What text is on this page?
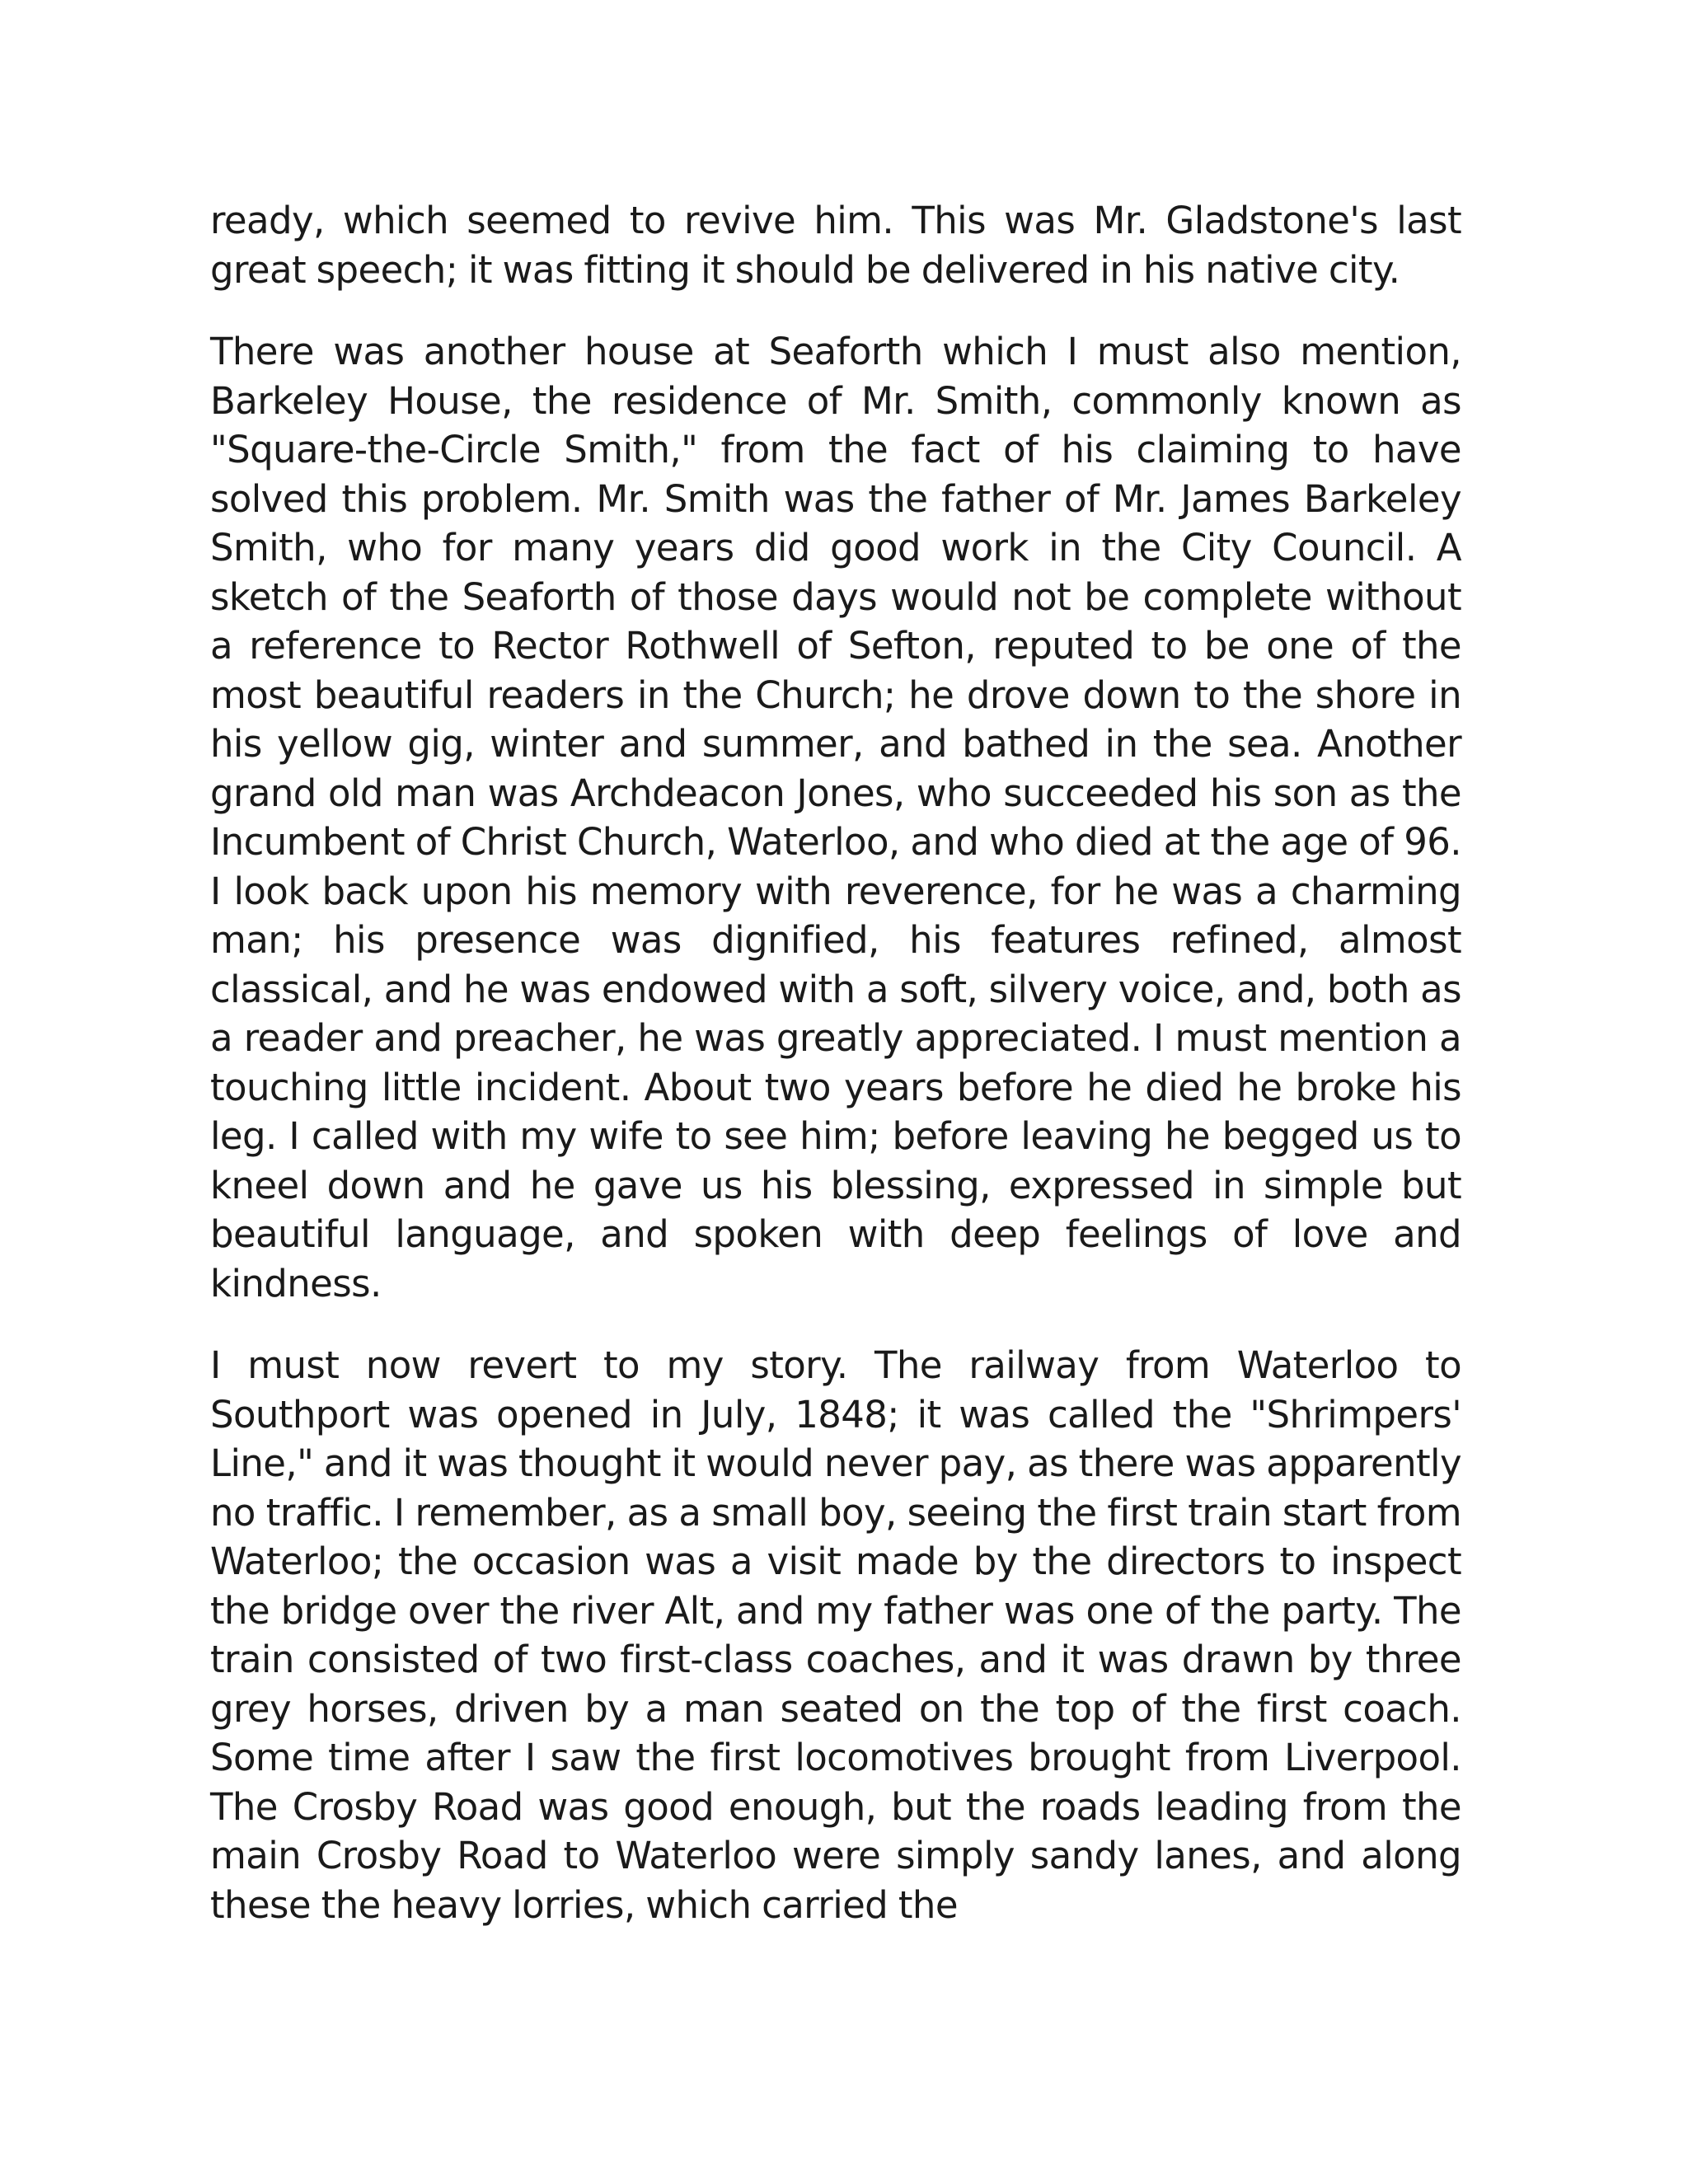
ready, which seemed to revive him. This was Mr. Gladstone's last great speech; it was fitting it should be delivered in his native city.

There was another house at Seaforth which I must also mention, Barkeley House, the residence of Mr. Smith, commonly known as "Square-the-Circle Smith," from the fact of his claiming to have solved this problem. Mr. Smith was the father of Mr. James Barkeley Smith, who for many years did good work in the City Council. A sketch of the Seaforth of those days would not be complete without a reference to Rector Rothwell of Sefton, reputed to be one of the most beautiful readers in the Church; he drove down to the shore in his yellow gig, winter and summer, and bathed in the sea. Another grand old man was Archdeacon Jones, who succeeded his son as the Incumbent of Christ Church, Waterloo, and who died at the age of 96. I look back upon his memory with reverence, for he was a charming man; his presence was dignified, his features refined, almost classical, and he was endowed with a soft, silvery voice, and, both as a reader and preacher, he was greatly appreciated. I must mention a touching little incident. About two years before he died he broke his leg. I called with my wife to see him; before leaving he begged us to kneel down and he gave us his blessing, expressed in simple but beautiful language, and spoken with deep feelings of love and kindness.

I must now revert to my story. The railway from Waterloo to Southport was opened in July, 1848; it was called the "Shrimpers' Line," and it was thought it would never pay, as there was apparently no traffic. I remember, as a small boy, seeing the first train start from Waterloo; the occasion was a visit made by the directors to inspect the bridge over the river Alt, and my father was one of the party. The train consisted of two first-class coaches, and it was drawn by three grey horses, driven by a man seated on the top of the first coach. Some time after I saw the first locomotives brought from Liverpool. The Crosby Road was good enough, but the roads leading from the main Crosby Road to Waterloo were simply sandy lanes, and along these the heavy lorries, which carried the
